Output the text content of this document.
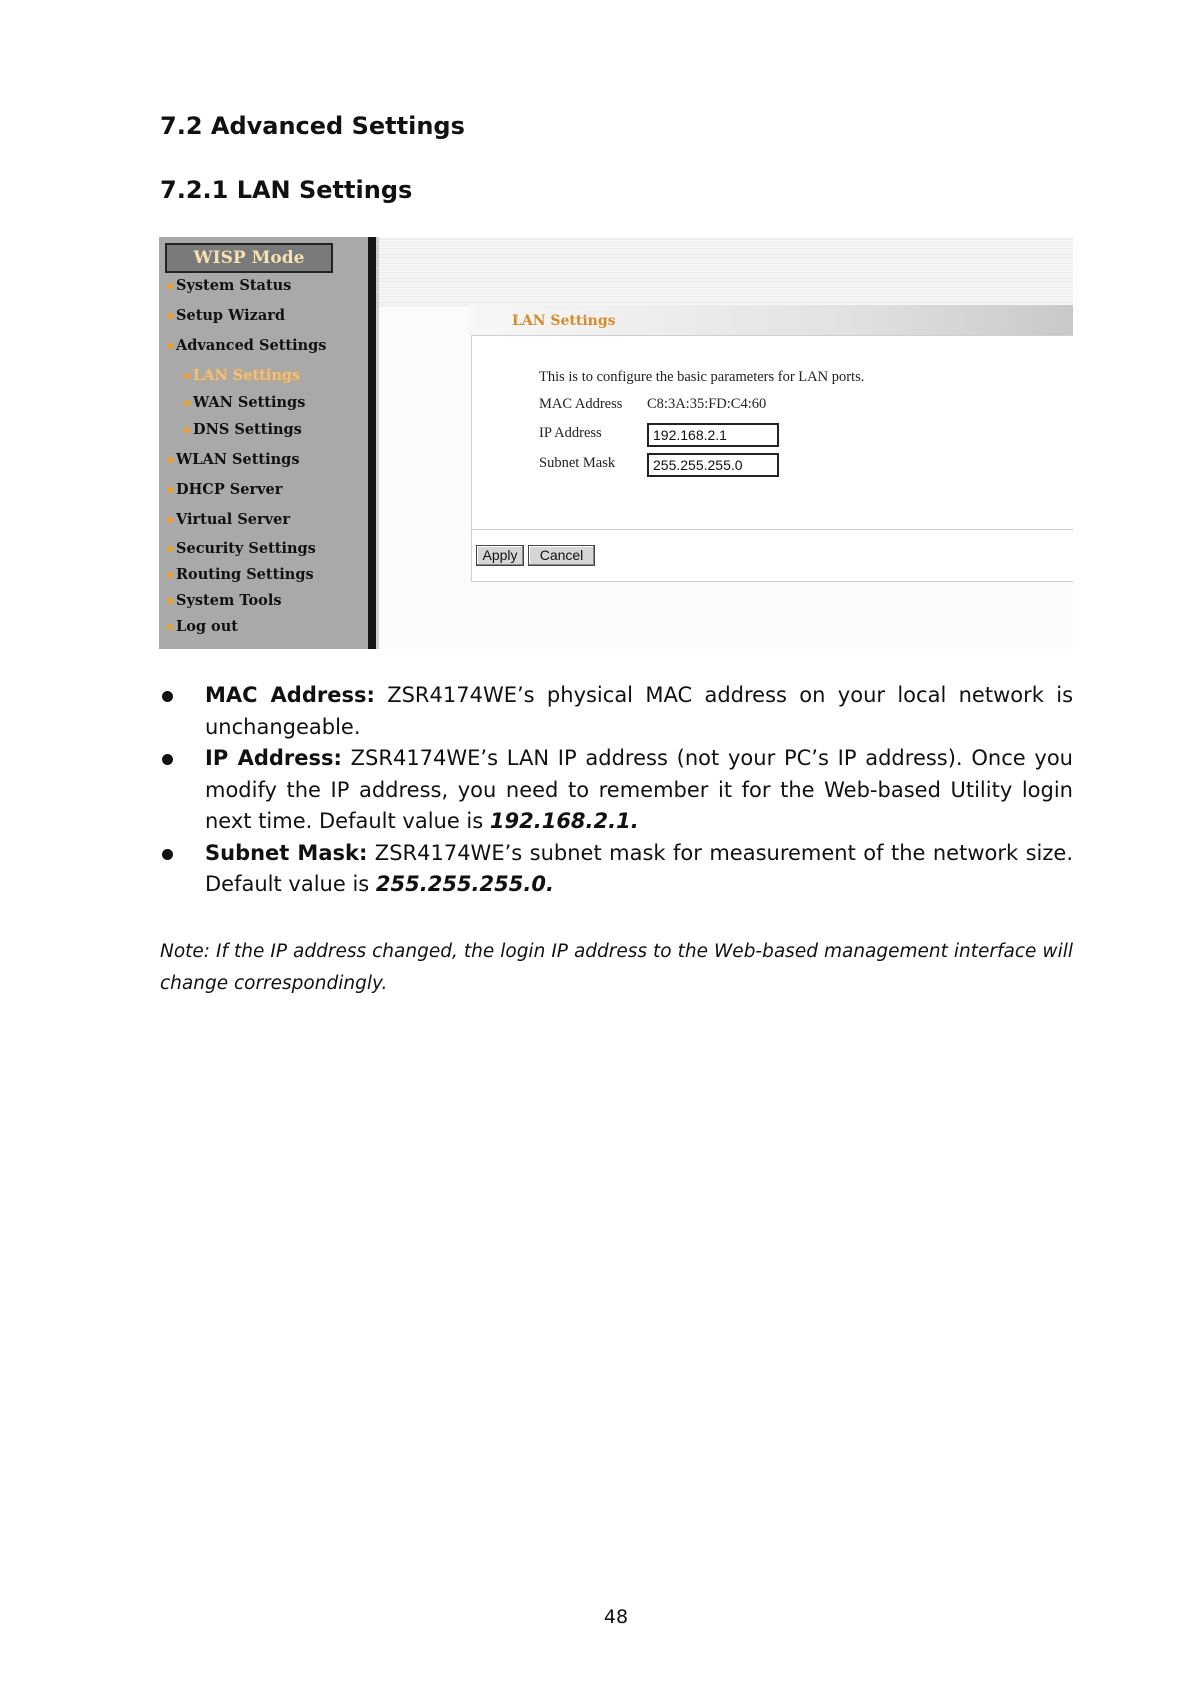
7.2 Advanced Settings
7.2.1 LAN Settings
WISP Mode
System Status
Setup Wizard
Advanced Settings
LAN Settings
WAN Settings
DNS Settings
WLAN Settings
DHCP Server
Virtual Server
Security Settings
Routing Settings
System Tools
Log out
LAN Settings
This is to configure the basic parameters for LAN ports.
MAC Address C8:3A:35:FD:C4:60
IP Address	192.168.2.1
Subnet Mask	255.255.255.0
Apply	Cancel
MAC Address: ZSR4174WE’s physical MAC address on your local network is unchangeable.
IP Address: ZSR4174WE’s LAN IP address (not your PC’s IP address). Once you modify the IP address, you need to remember it for the Web-based Utility login next time. Default value is 192.168.2.1.
Subnet Mask: ZSR4174WE’s subnet mask for measurement of the network size. Default value is 255.255.255.0.
Note: If the IP address changed, the login IP address to the Web-based management interface will change correspondingly.
48
